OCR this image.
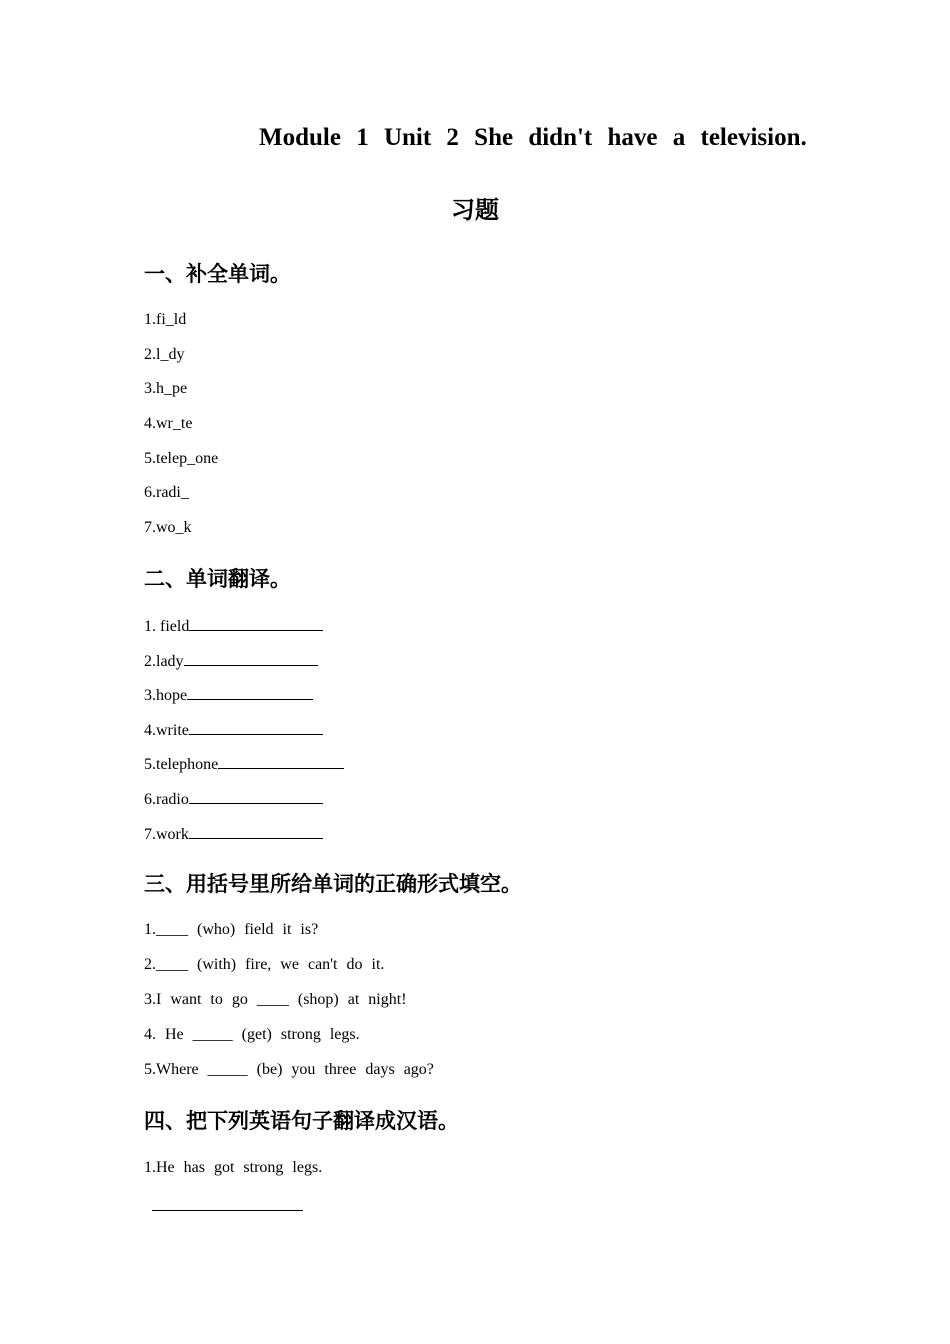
Module 1 Unit 2 She didn't have a television.
习题
一、补全单词。
1.fi_ld
2.l_dy
3.h_pe
4.wr_te
5.telep_one
6.radi_
7.wo_k
二、单词翻译。
1. field
2.lady
3.hope
4.write
5.telephone
6.radio
7.work
三、用括号里所给单词的正确形式填空。
1.____ (who) field it is?
2.____ (with) fire, we can't do it.
3.I want to go ____ (shop) at night!
4. He _____ (get) strong legs.
5.Where _____ (be) you three days ago?
四、把下列英语句子翻译成汉语。
1.He has got strong legs.
